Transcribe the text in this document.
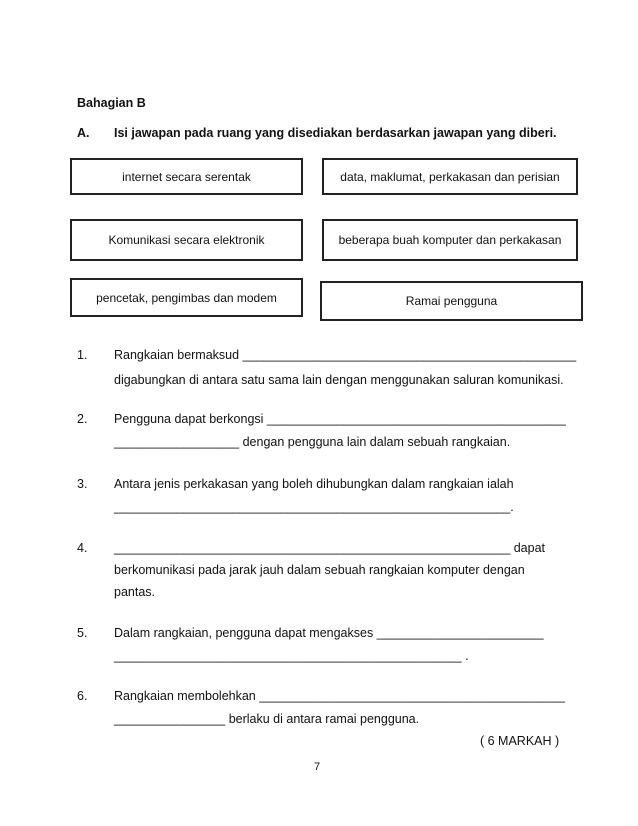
Bahagian B
A. Isi jawapan pada ruang yang disediakan berdasarkan jawapan yang diberi.
internet secara serentak	data, maklumat, perkakasan dan perisian
Komunikasi secara elektronik	beberapa buah komputer dan perkakasan
pencetak, pengimbas dan modem	Ramai pengguna
1. Rangkaian bermaksud ________________________________________________
digabungkan di antara satu sama lain dengan menggunakan saluran komunikasi.
2. Pengguna dapat berkongsi ___________________________________________
__________________ dengan pengguna lain dalam sebuah rangkaian.
3. Antara jenis perkakasan yang boleh dihubungkan dalam rangkaian ialah
_________________________________________________________.
4. _________________________________________________________ dapat
berkomunikasi pada jarak jauh dalam sebuah rangkaian komputer dengan
pantas.
5. Dalam rangkaian, pengguna dapat mengakses ________________________
__________________________________________________ .
6. Rangkaian membolehkan ____________________________________________
________________ berlaku di antara ramai pengguna.
( 6 MARKAH )
7
